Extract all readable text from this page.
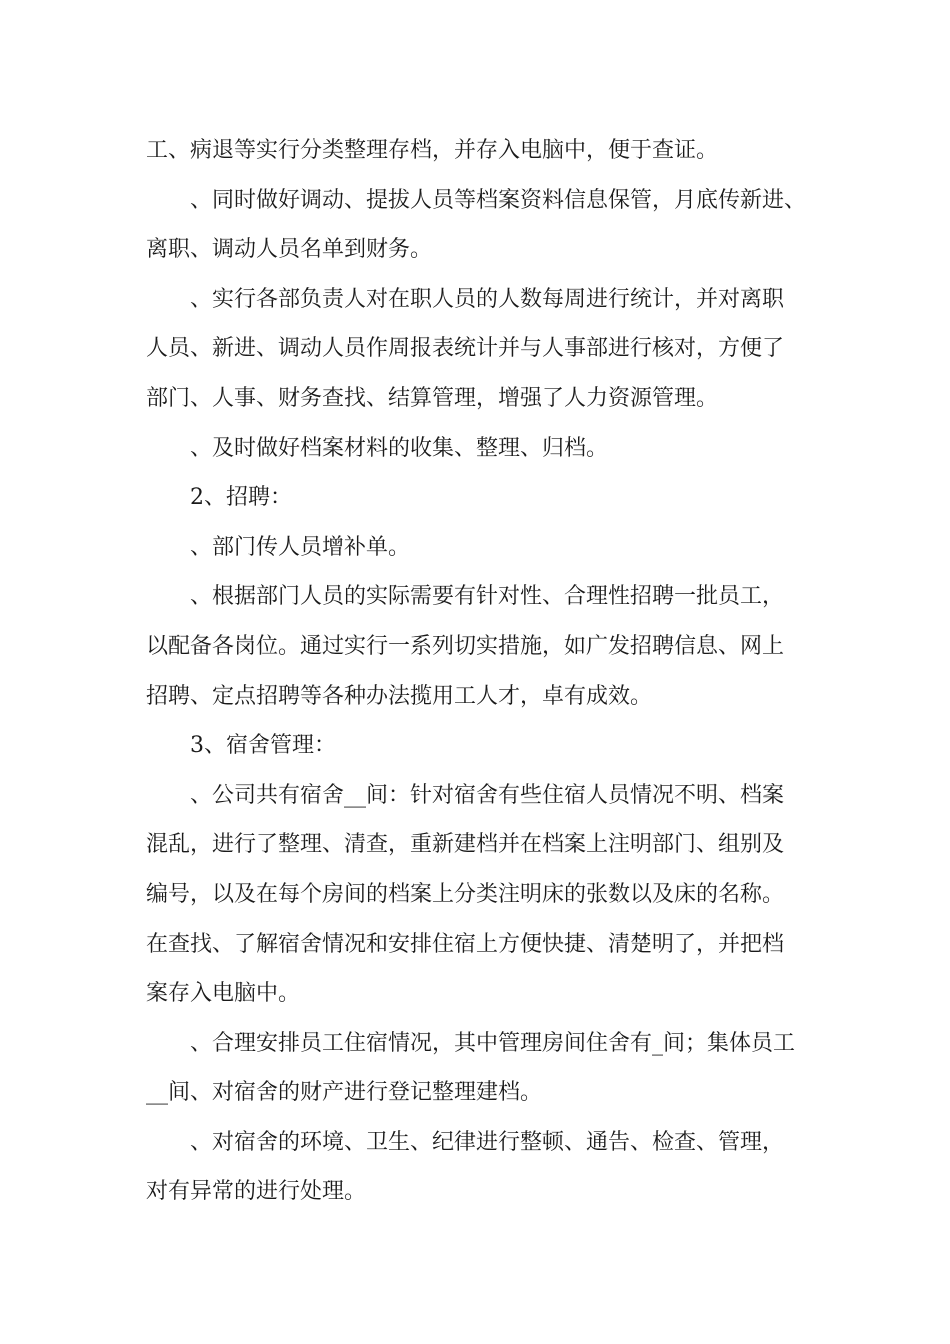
工、病退等实行分类整理存档，并存入电脑中，便于查证。
、同时做好调动、提拔人员等档案资料信息保管，月底传新进、
离职、调动人员名单到财务。
、实行各部负责人对在职人员的人数每周进行统计，并对离职
人员、新进、调动人员作周报表统计并与人事部进行核对，方便了
部门、人事、财务查找、结算管理，增强了人力资源管理。
、及时做好档案材料的收集、整理、归档。
2、招聘：
、部门传人员增补单。
、根据部门人员的实际需要有针对性、合理性招聘一批员工，
以配备各岗位。通过实行一系列切实措施，如广发招聘信息、网上
招聘、定点招聘等各种办法揽用工人才，卓有成效。
3、宿舍管理：
、公司共有宿舍__间：针对宿舍有些住宿人员情况不明、档案
混乱，进行了整理、清查，重新建档并在档案上注明部门、组别及
编号，以及在每个房间的档案上分类注明床的张数以及床的名称。
在查找、了解宿舍情况和安排住宿上方便快捷、清楚明了，并把档
案存入电脑中。
、合理安排员工住宿情况，其中管理房间住舍有_间；集体员工
__间、对宿舍的财产进行登记整理建档。
、对宿舍的环境、卫生、纪律进行整顿、通告、检查、管理，
对有异常的进行处理。
